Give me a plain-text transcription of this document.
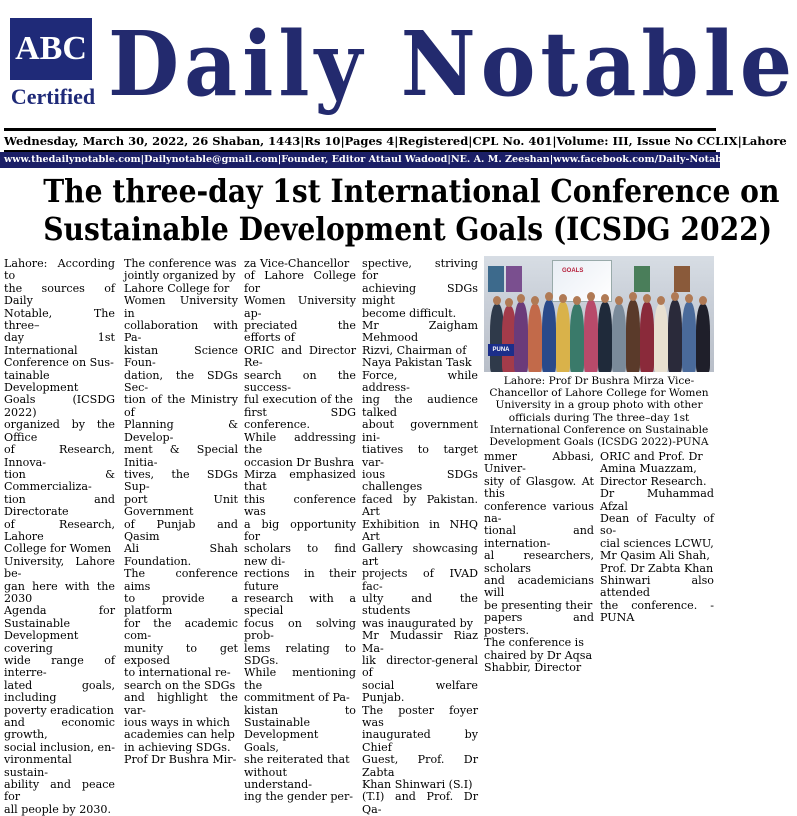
ABC
Certified Daily Notable
Wednesday, March 30, 2022, 26 Shaban, 1443 | Rs 10 | Pages 4 | Registered | CPL No. 401 | Volume: III, Issue No CCLIX | Lahore
www.thedailynotable.com | Dailynotable@gmail.com | Founder, Editor Attaul Wadood | NE. A. M. Zeeshan | www.facebook.com/Daily-Notable
The three-day 1st International Conference on
Sustainable Development Goals (ICSDG 2022)
Lahore: According to
the sources of Daily
Notable, The three–
day 1st International
Conference on Sus-
tainable Development
Goals (ICSDG 2022)
organized by the Office
of Research, Innova-
tion & Commercializa-
tion and Directorate
of Research, Lahore
College for Women
University, Lahore be-
gan here with the 2030
Agenda for Sustainable
Development covering
wide range of interre-
lated goals, including
poverty eradication
and economic growth,
social inclusion, en-
vironmental sustain-
ability and peace for
all people by 2030.
The conference was
jointly organized by
Lahore College for
Women University in
collaboration with Pa-
kistan Science Foun-
dation, the SDGs Sec-
tion of the Ministry of
Planning & Develop-
ment & Special Initia-
tives, the SDGs Sup-
port Unit Government
of Punjab and Qasim
Ali Shah Foundation.
The conference aims
to provide a platform
for the academic com-
munity to get exposed
to international re-
search on the SDGs
and highlight the var-
ious ways in which
academies can help
in achieving SDGs.
Prof Dr Bushra Mir-
za Vice-Chancellor
of Lahore College for
Women University ap-
preciated the efforts of
ORIC and Director Re-
search on the success-
ful execution of the
first SDG conference.
While addressing the
occasion Dr Bushra
Mirza emphasized that
this conference was
a big opportunity for
scholars to find new di-
rections in their future
research with a special
focus on solving prob-
lems relating to SDGs.
While mentioning the
commitment of Pa-
kistan to Sustainable
Development Goals,
she reiterated that
without understand-
ing the gender per-
spective, striving for
achieving SDGs might
become difficult.
Mr Zaigham Mehmood
Rizvi, Chairman of
Naya Pakistan Task
Force, while address-
ing the audience talked
about government ini-
tiatives to target var-
ious SDGs challenges
faced by Pakistan. Art
Exhibition in NHQ Art
Gallery showcasing art
projects of IVAD fac-
ulty and the students
was inaugurated by
Mr Mudassir Riaz Ma-
lik director-general of
social welfare Punjab.
The poster foyer was
inaugurated by Chief
Guest, Prof. Dr Zabta
Khan Shinwari (S.I)
(T.I) and Prof. Dr Qa-
GOALS
PUNA
Lahore: Prof Dr Bushra Mirza Vice-Chancellor of Lahore College for Women University in a group photo with other officials during The three–day 1st International Conference on Sustainable Development Goals (ICSDG 2022)-PUNA
mmer Abbasi, Univer-
sity of Glasgow. At this
conference various na-
tional and internation-
al researchers, scholars
and academicians will
be presenting their
papers and posters.
The conference is
chaired by Dr Aqsa
Shabbir, Director
ORIC and Prof. Dr
Amina Muazzam,
Director Research.
Dr Muhammad Afzal
Dean of Faculty of so-
cial sciences LCWU,
Mr Qasim Ali Shah,
Prof. Dr Zabta Khan
Shinwari also attended
the conference. - PUNA
